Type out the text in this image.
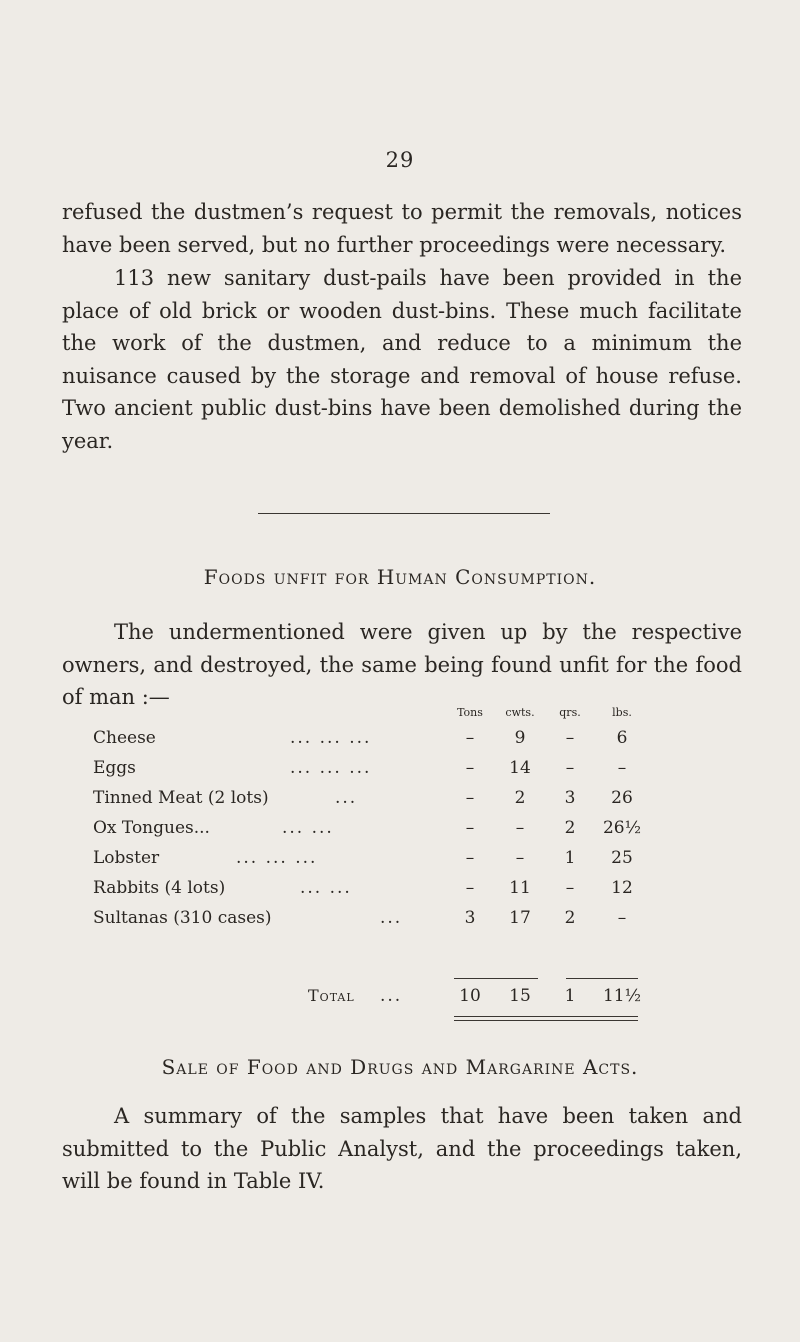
29

refused the dustmen’s request to permit the removals, notices have been served, but no further proceedings were necessary.

113 new sanitary dust-pails have been provided in the place of old brick or wooden dust-bins. These much facilitate the work of the dustmen, and reduce to a minimum the nuisance caused by the storage and removal of house refuse. Two ancient public dust-bins have been demolished during the year.

Foods unfit for Human Consumption.

The undermentioned were given up by the respective owners, and destroyed, the same being found unfit for the food of man :—

Tons	cwts.	qrs.	lbs.
Cheese	... ... ...	–	9	–	6
Eggs	... ... ...	–	14	–	–
Tinned Meat (2 lots)	...	–	2	3	26
Ox Tongues...	... ...	–	–	2	26½
Lobster	... ... ...	–	–	1	25
Rabbits (4 lots)	... ...	–	11	–	12
Sultanas (310 cases)	...	3	17	2	–
Total ...	10	15	1	11½
Sale of Food and Drugs and Margarine Acts.

A summary of the samples that have been taken and submitted to the Public Analyst, and the proceedings taken, will be found in Table IV.
